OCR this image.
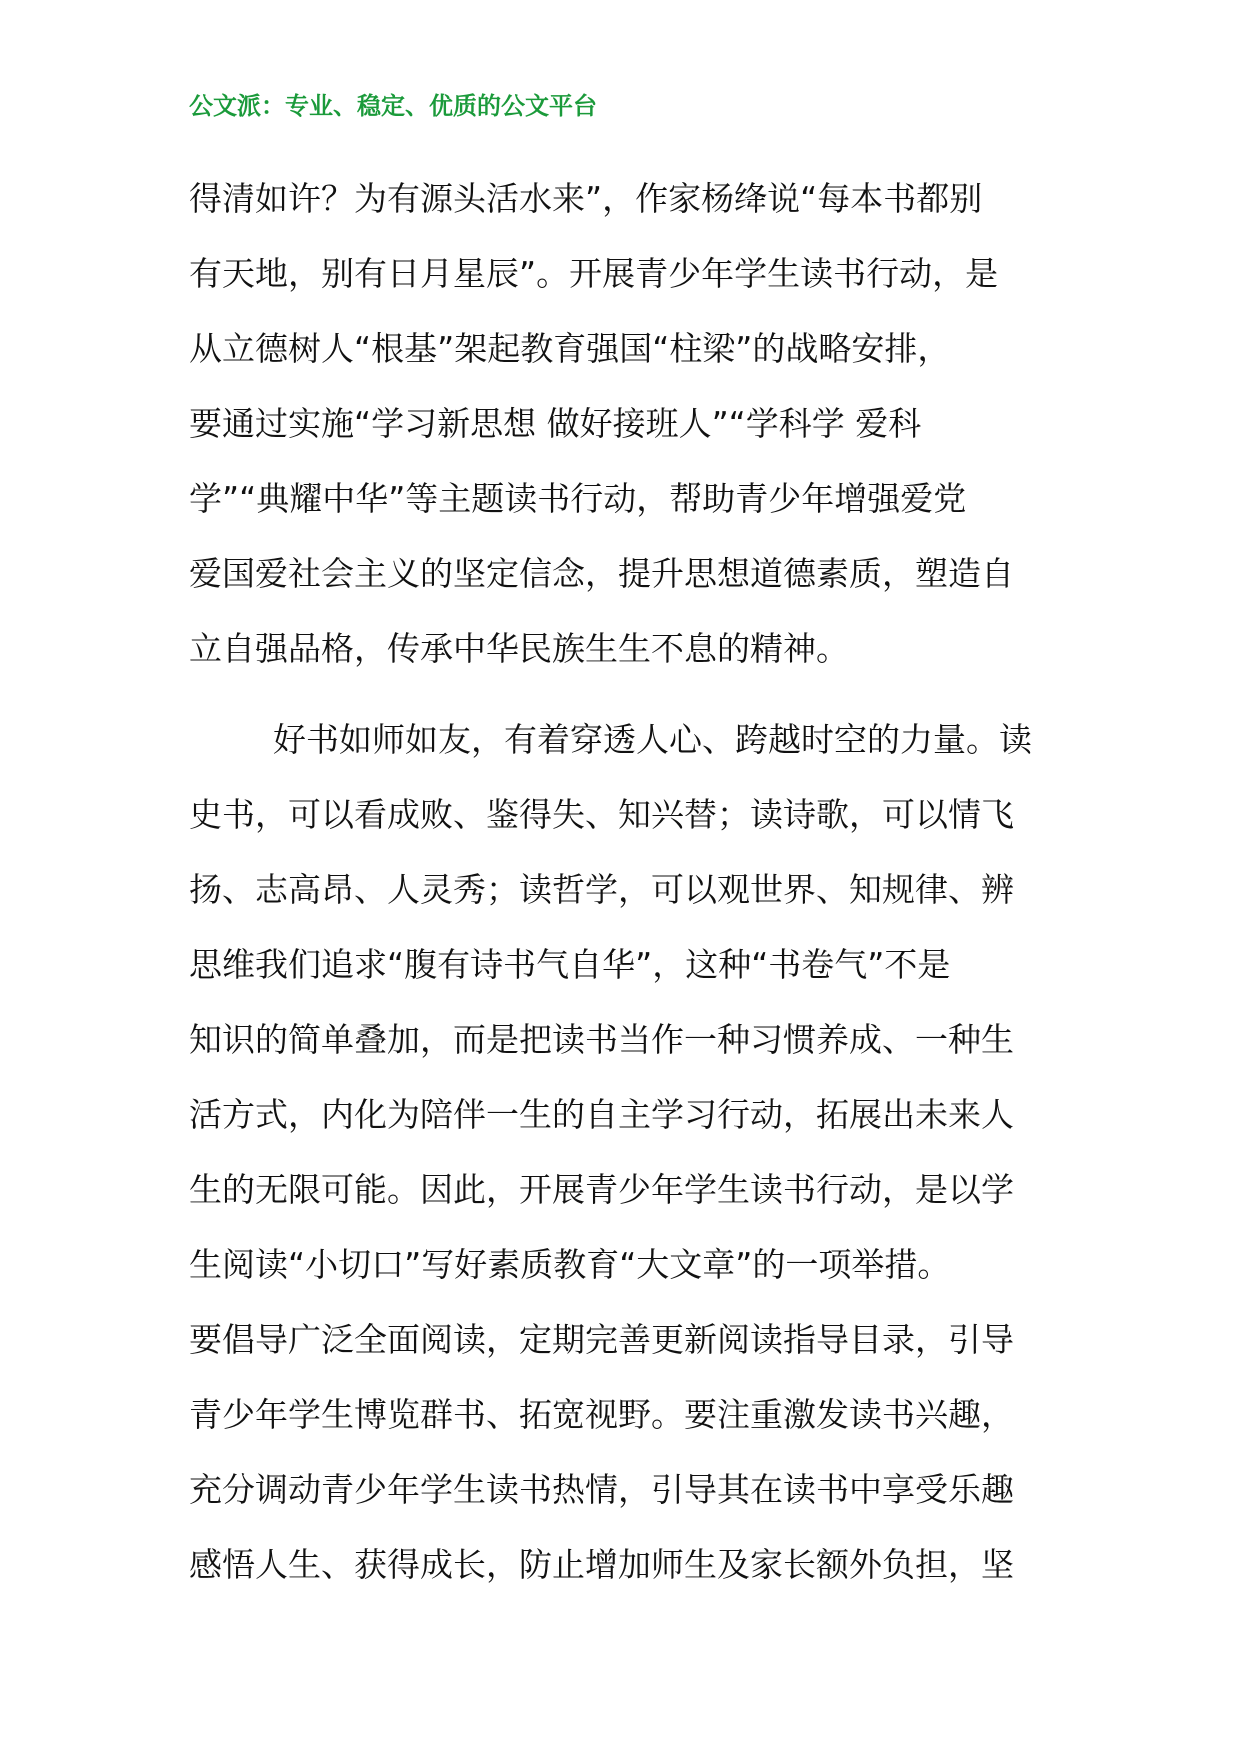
公文派：专业、稳定、优质的公文平台
得清如许？为有源头活水来”，作家杨绛说“每本书都别
有天地，别有日月星辰”。开展青少年学生读书行动，是
从立德树人“根基”架起教育强国“柱梁”的战略安排，
要通过实施“学习新思想 做好接班人”“学科学 爱科
学”“典耀中华”等主题读书行动，帮助青少年增强爱党
爱国爱社会主义的坚定信念，提升思想道德素质，塑造自
立自强品格，传承中华民族生生不息的精神。
好书如师如友，有着穿透人心、跨越时空的力量。读
史书，可以看成败、鉴得失、知兴替；读诗歌，可以情飞
扬、志高昂、人灵秀；读哲学，可以观世界、知规律、辨
思维我们追求“腹有诗书气自华”，这种“书卷气”不是
知识的简单叠加，而是把读书当作一种习惯养成、一种生
活方式，内化为陪伴一生的自主学习行动，拓展出未来人
生的无限可能。因此，开展青少年学生读书行动，是以学
生阅读“小切口”写好素质教育“大文章”的一项举措。
要倡导广泛全面阅读，定期完善更新阅读指导目录，引导
青少年学生博览群书、拓宽视野。要注重激发读书兴趣，
充分调动青少年学生读书热情，引导其在读书中享受乐趣
感悟人生、获得成长，防止增加师生及家长额外负担，坚
